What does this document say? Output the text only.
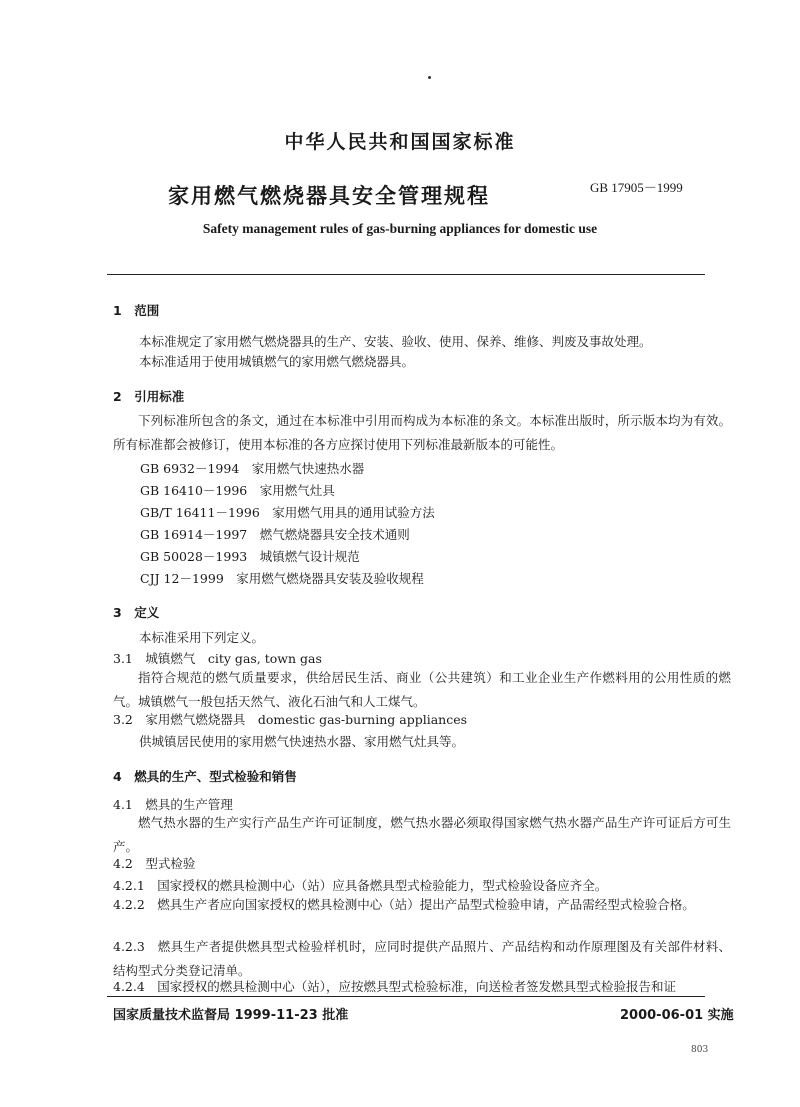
中华人民共和国国家标准
家用燃气燃烧器具安全管理规程	GB 17905－1999
Safety management rules of gas-burning appliances for domestic use
1　范围
本标准规定了家用燃气燃烧器具的生产、安装、验收、使用、保养、维修、判废及事故处理。
本标准适用于使用城镇燃气的家用燃气燃烧器具。
2　引用标准
下列标准所包含的条文，通过在本标准中引用而构成为本标准的条文。本标准出版时，所示版本均为有效。所有标准都会被修订，使用本标准的各方应探讨使用下列标准最新版本的可能性。
GB 6932－1994　家用燃气快速热水器
GB 16410－1996　家用燃气灶具
GB/T 16411－1996　家用燃气用具的通用试验方法
GB 16914－1997　燃气燃烧器具安全技术通则
GB 50028－1993　城镇燃气设计规范
CJJ 12－1999　家用燃气燃烧器具安装及验收规程
3　定义
本标准采用下列定义。
3.1　城镇燃气　city gas, town gas
指符合规范的燃气质量要求，供给居民生活、商业（公共建筑）和工业企业生产作燃料用的公用性质的燃气。城镇燃气一般包括天然气、液化石油气和人工煤气。
3.2　家用燃气燃烧器具　domestic gas-burning appliances
供城镇居民使用的家用燃气快速热水器、家用燃气灶具等。
4　燃具的生产、型式检验和销售
4.1　燃具的生产管理
燃气热水器的生产实行产品生产许可证制度，燃气热水器必须取得国家燃气热水器产品生产许可证后方可生产。
4.2　型式检验
4.2.1　国家授权的燃具检测中心（站）应具备燃具型式检验能力，型式检验设备应齐全。
4.2.2　燃具生产者应向国家授权的燃具检测中心（站）提出产品型式检验申请，产品需经型式检验合格。
4.2.3　燃具生产者提供燃具型式检验样机时，应同时提供产品照片、产品结构和动作原理图及有关部件材料、结构型式分类登记清单。
4.2.4　国家授权的燃具检测中心（站），应按燃具型式检验标准，向送检者签发燃具型式检验报告和证
国家质量技术监督局 1999-11-23 批准	2000-06-01 实施
803
